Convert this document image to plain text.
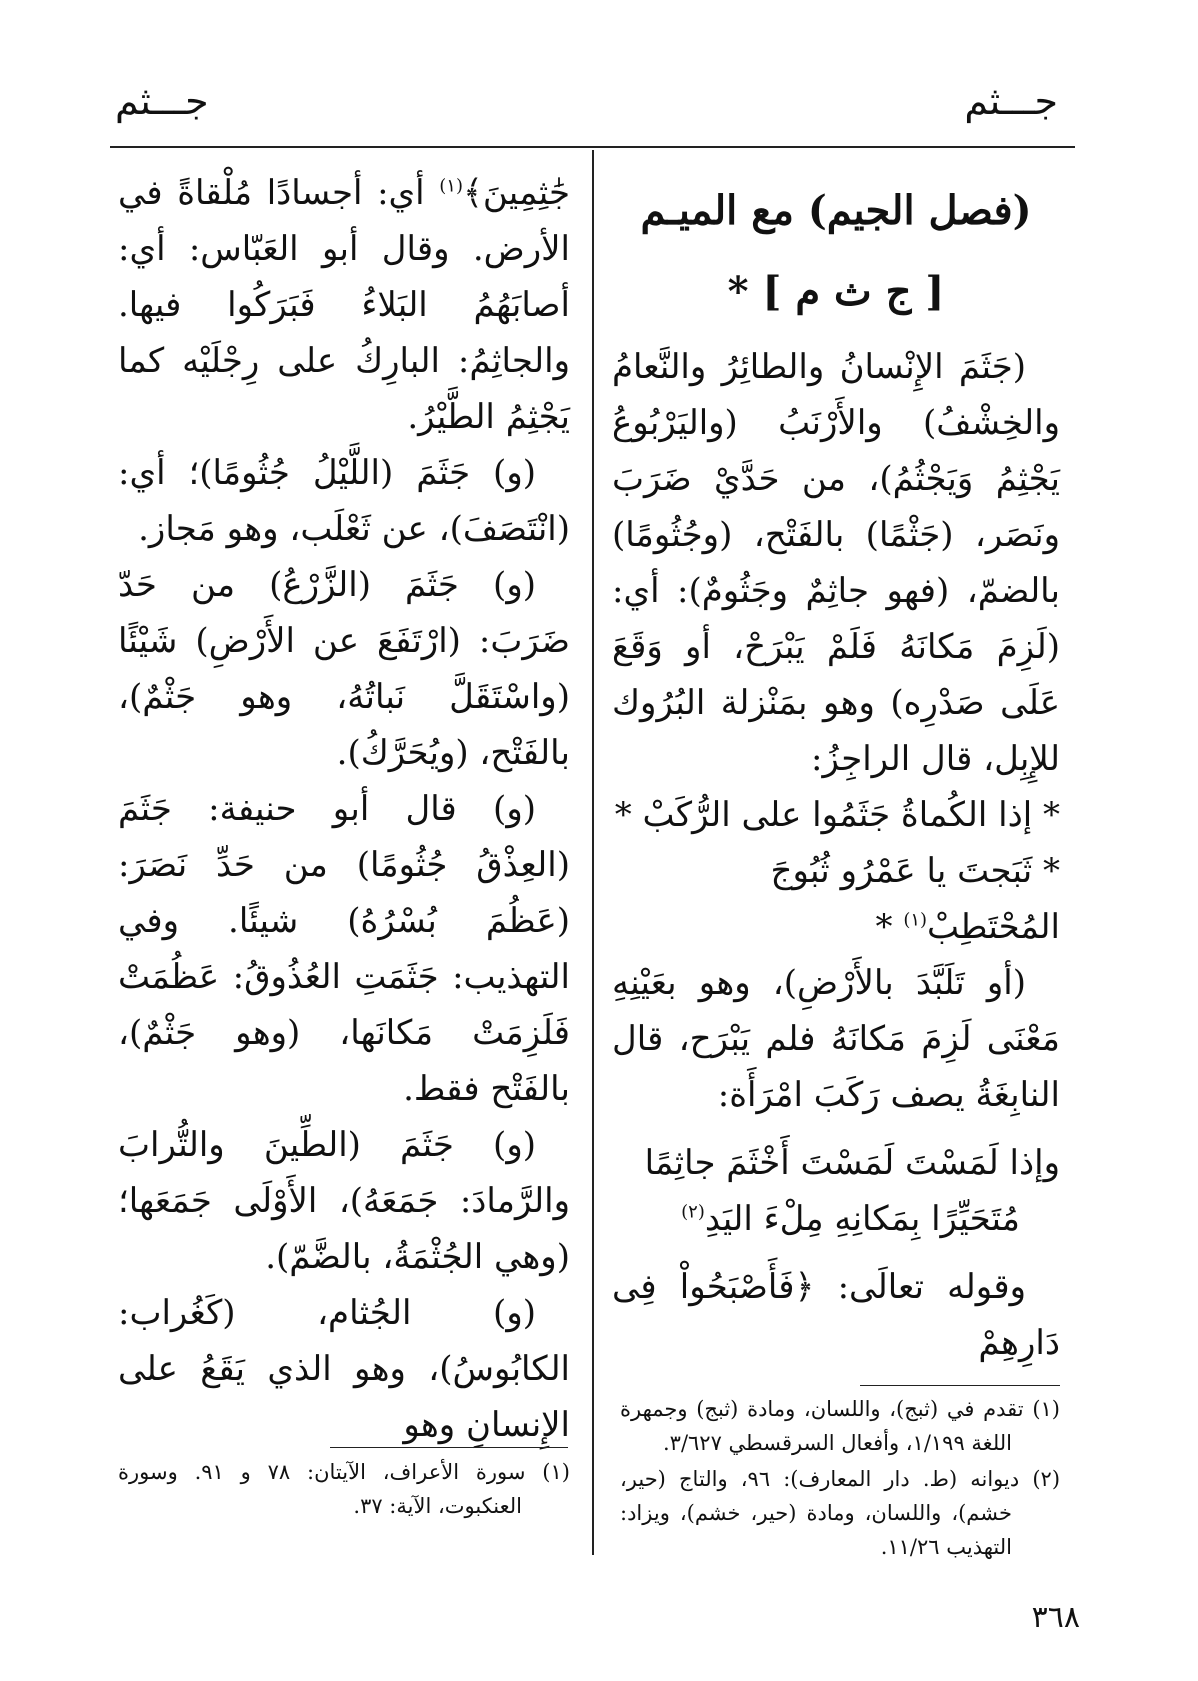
جـــثم
جـــثم
(فصل الجيم) مع الميـم
[ ج ث م ] *

(جَثَمَ الإِنْسانُ والطائِرُ والنَّعامُ والخِشْفُ) والأَرْنَبُ (واليَرْبُوعُ يَجْثِمُ وَيَجْثُمُ)، من حَدَّيْ ضَرَبَ ونَصَر، (جَثْمًا) بالفَتْح، (وجُثُومًا) بالضمّ، (فهو جاثِمٌ وجَثُومٌ): أي: (لَزِمَ مَكانَهُ فَلَمْ يَبْرَحْ، أو وَقَعَ عَلَى صَدْرِه) وهو بمَنْزلة البُرُوك للإِبِل، قال الراجِزُ:

* إذا الكُماةُ جَثَمُوا على الرُّكَبْ *

* ثَبَجتَ يا عَمْرُو ثُبُوجَ المُحْتَطِبْ$^{(١)}$ *

(أو تَلَبَّدَ بالأَرْضِ)، وهو بعَيْنِهِ مَعْنَى لَزِمَ مَكانَهُ فلم يَبْرَح، قال النابِغَةُ يصف رَكَبَ امْرَأَة:

وإذا لَمَسْتَ لَمَسْتَ أَخْثَمَ جاثِمًا
مُتَحَيِّرًا بِمَكانِهِ مِلْءَ اليَدِ$^{(٢)}$

وقوله تعالَى: ﴿فَأَصْبَحُواْ فِى دَارِهِمْ

جَٰثِمِينَ﴾$^{(١)}$ أي: أجسادًا مُلْقاةً في الأرض. وقال أبو العَبّاس: أي: أصابَهُمُ البَلاءُ فَبَرَكُوا فيها. والجاثِمُ: البارِكُ على رِجْلَيْه كما يَجْثِمُ الطَّيْرُ.

(و) جَثَمَ (اللَّيْلُ جُثُومًا)؛ أي: (انْتَصَفَ)، عن ثَعْلَب، وهو مَجاز.

(و) جَثَمَ (الزَّرْعُ) من حَدّ ضَرَبَ: (ارْتَفَعَ عن الأَرْضِ) شَيْئًا (واسْتَقَلَّ نَباتُهُ، وهو جَثْمٌ)، بالفَتْح، (ويُحَرَّكُ).

(و) قال أبو حنيفة: جَثَمَ (العِذْقُ جُثُومًا) من حَدِّ نَصَرَ: (عَظُمَ بُسْرُهُ) شيئًا. وفي التهذيب: جَثَمَتِ العُذُوقُ: عَظُمَتْ فَلَزِمَتْ مَكانَها، (وهو جَثْمٌ)، بالفَتْح فقط.

(و) جَثَمَ (الطِّينَ والتُّرابَ والرَّمادَ: جَمَعَهُ)، الأَوْلَى جَمَعَها؛ (وهي الجُثْمَةُ، بالضَّمّ).

(و) الجُثام، (كَغُراب: الكابُوسُ)، وهو الذي يَقَعُ على الإِنسانِ وهو (١) تقدم في (ثبج)، واللسان، ومادة (ثبج) وجمهرة اللغة ١/١٩٩، وأفعال السرقسطي ٣/٦٢٧.
(٢) ديوانه (ط. دار المعارف): ٩٦، والتاج (حير، خشم)، واللسان، ومادة (حير، خشم)، ويزاد: التهذيب ١١/٢٦.
(١) سورة الأعراف، الآيتان: ٧٨ و ٩١. وسورة العنكبوت، الآية: ٣٧.
٣٦٨
